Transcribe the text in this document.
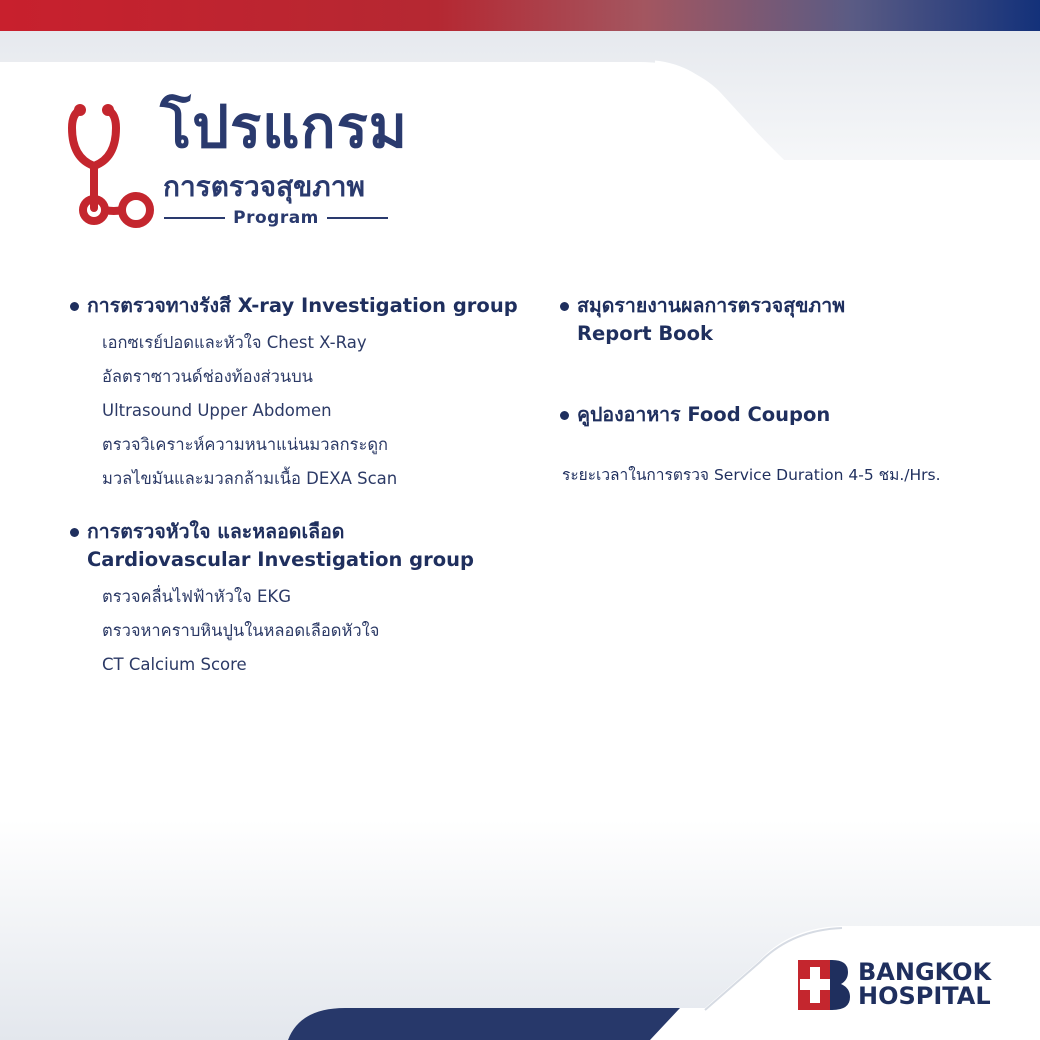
โปรแกรม
การตรวจสุขภาพ
Program
การตรวจทางรังสี X-ray Investigation group
เอกซเรย์ปอดและหัวใจ Chest X-Ray
อัลตราซาวนด์ช่องท้องส่วนบน
Ultrasound Upper Abdomen
ตรวจวิเคราะห์ความหนาแน่นมวลกระดูก
มวลไขมันและมวลกล้ามเนื้อ DEXA Scan
การตรวจหัวใจ และหลอดเลือด
Cardiovascular Investigation group
ตรวจคลื่นไฟฟ้าหัวใจ EKG
ตรวจหาคราบหินปูนในหลอดเลือดหัวใจ
CT Calcium Score
สมุดรายงานผลการตรวจสุขภาพ
Report Book
คูปองอาหาร Food Coupon
ระยะเวลาในการตรวจ Service Duration 4-5 ชม./Hrs.
BANGKOK
HOSPITAL
